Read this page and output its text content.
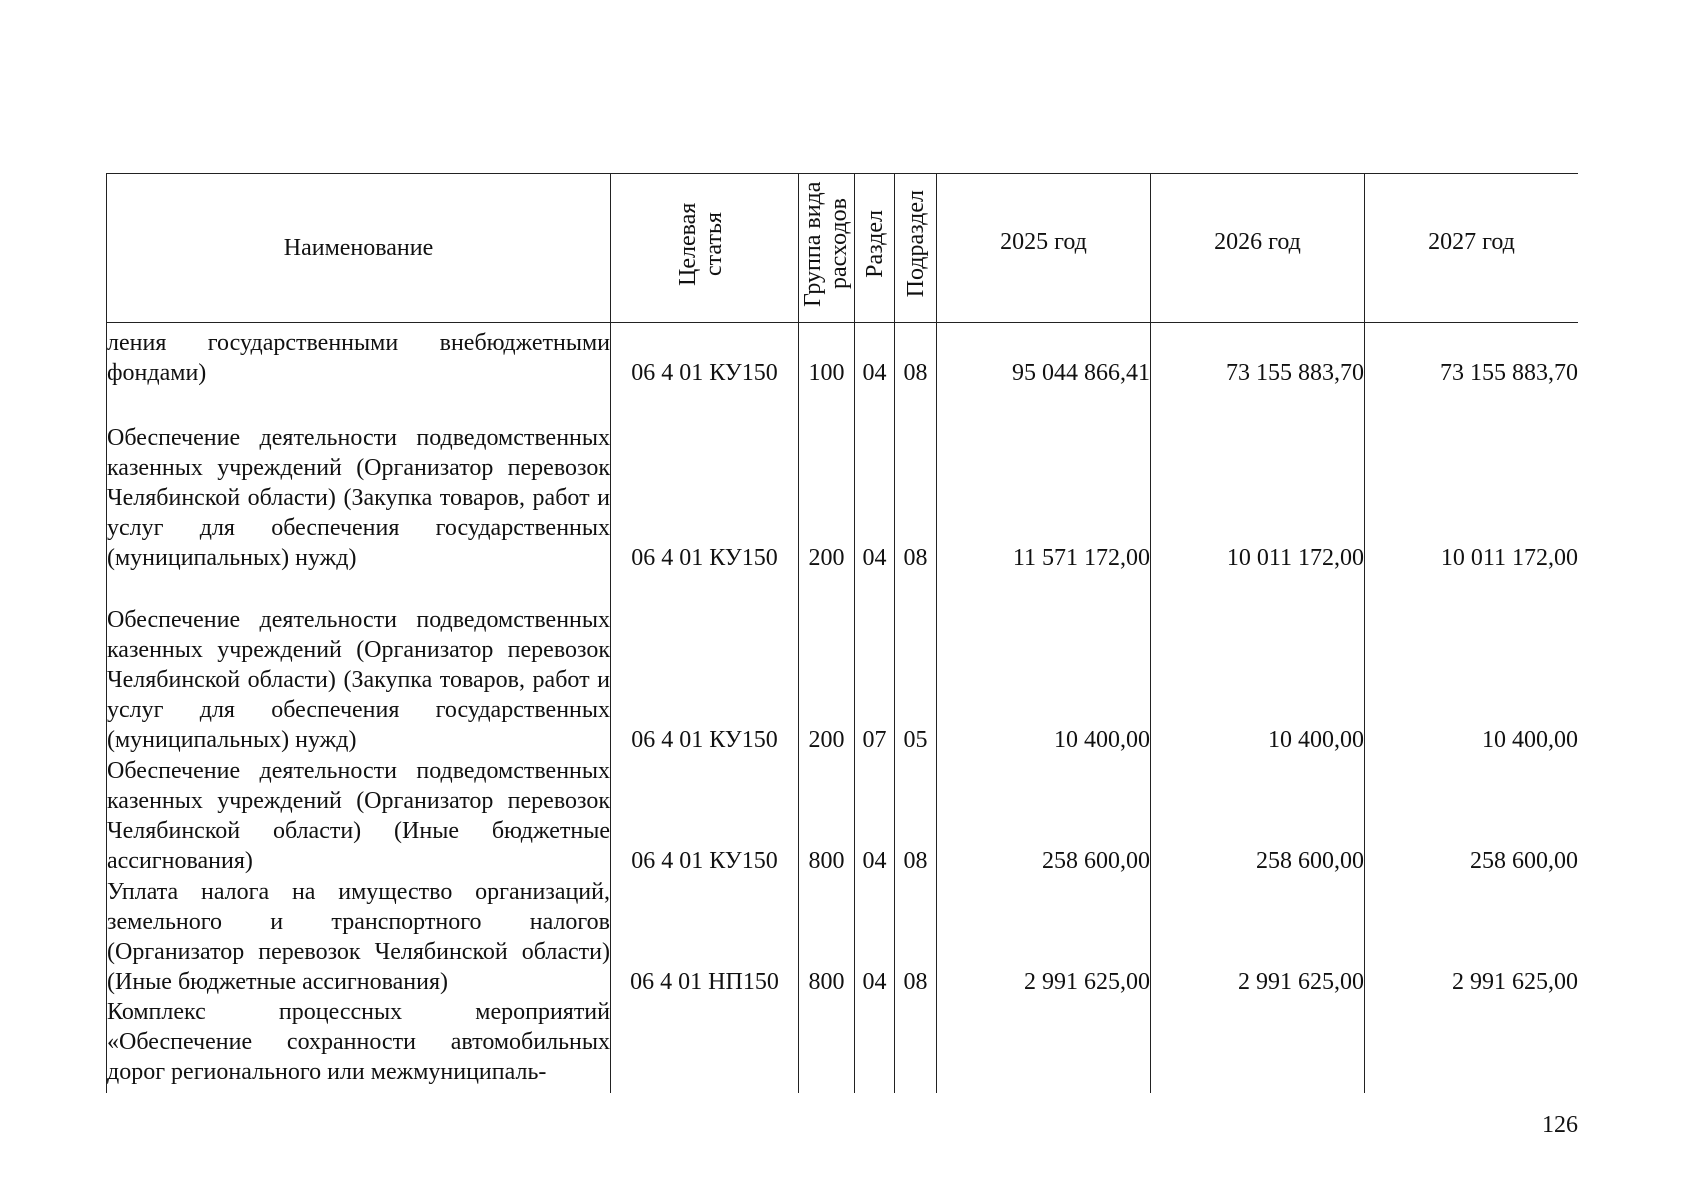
Наименование	Целевая статья	Группа вида расходов	Раздел	Подраздел	2025 год	2026 год	2027 год
ления государственными внебюджетными фондами)	06 4 01 КУ150	100	04	08	95 044 866,41	73 155 883,70	73 155 883,70
Обеспечение деятельности подведомственных казенных учреждений (Организатор перевозок Челябинской области) (Закупка товаров, работ и услуг для обеспечения государственных (муниципальных) нужд)	06 4 01 КУ150	200	04	08	11 571 172,00	10 011 172,00	10 011 172,00
Обеспечение деятельности подведомственных казенных учреждений (Организатор перевозок Челябинской области) (Закупка товаров, работ и услуг для обеспечения государственных (муниципальных) нужд)	06 4 01 КУ150	200	07	05	10 400,00	10 400,00	10 400,00
Обеспечение деятельности подведомственных казенных учреждений (Организатор перевозок Челябинской области) (Иные бюджетные ассигнования)	06 4 01 КУ150	800	04	08	258 600,00	258 600,00	258 600,00
Уплата налога на имущество организаций, земельного и транспортного налогов (Организатор перевозок Челябинской области) (Иные бюджетные ассигнования)	06 4 01 НП150	800	04	08	2 991 625,00	2 991 625,00	2 991 625,00
Комплекс процессных мероприятий «Обеспечение сохранности автомобильных дорог регионального или межмуниципаль-							
126
